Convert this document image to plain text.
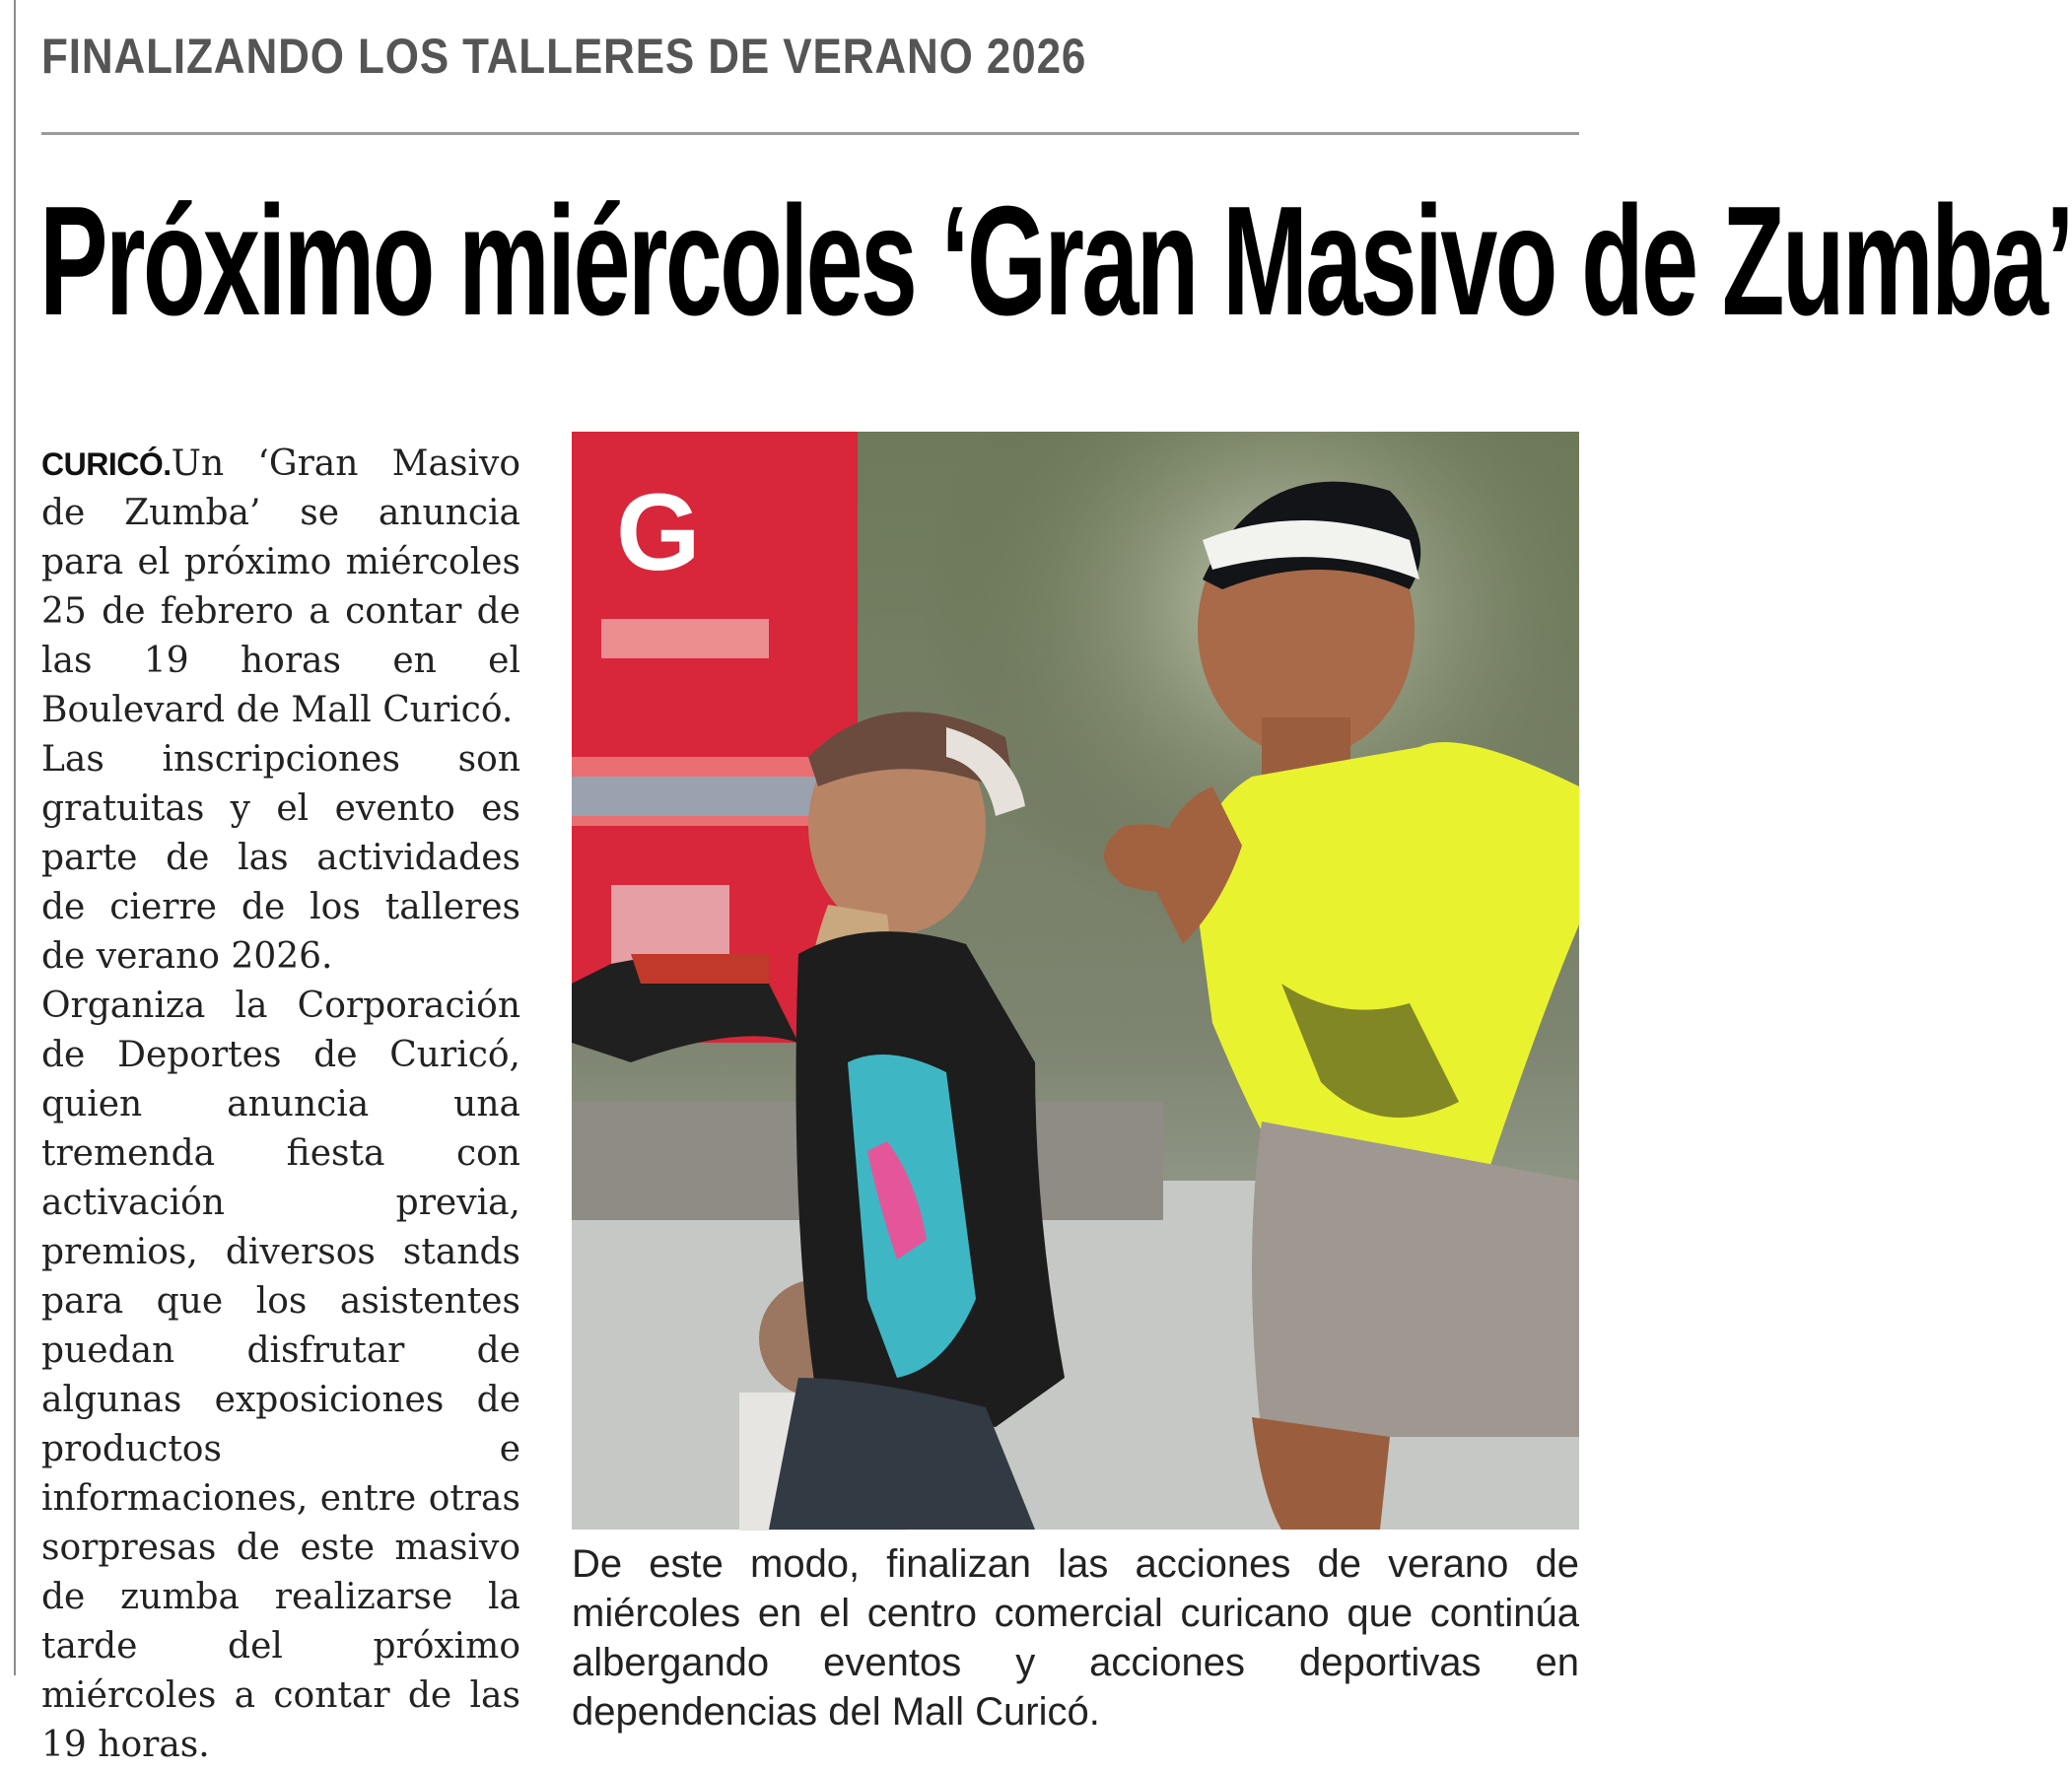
FINALIZANDO LOS TALLERES DE VERANO 2026
Próximo miércoles ‘Gran Masivo de Zumba’

CURICÓ.Un ‘Gran Masivo de Zumba’ se anuncia para el próximo miércoles 25 de febrero a contar de las 19 horas en el Boulevard de Mall Curicó.

Las inscripciones son gratuitas y el evento es parte de las actividades de cierre de los talleres de verano 2026.

Organiza la Corporación de Deportes de Curicó, quien anuncia una tremenda fiesta con activación previa, premios, diversos stands para que los asistentes puedan disfrutar de algunas exposiciones de productos e informaciones, entre otras sorpresas de este masivo de zumba realizarse la tarde del próximo miércoles a contar de las 19 horas.

G
De este modo, finalizan las acciones de verano de miércoles en el centro comercial curicano que continúa albergando eventos y acciones deportivas en dependencias del Mall Curicó.
